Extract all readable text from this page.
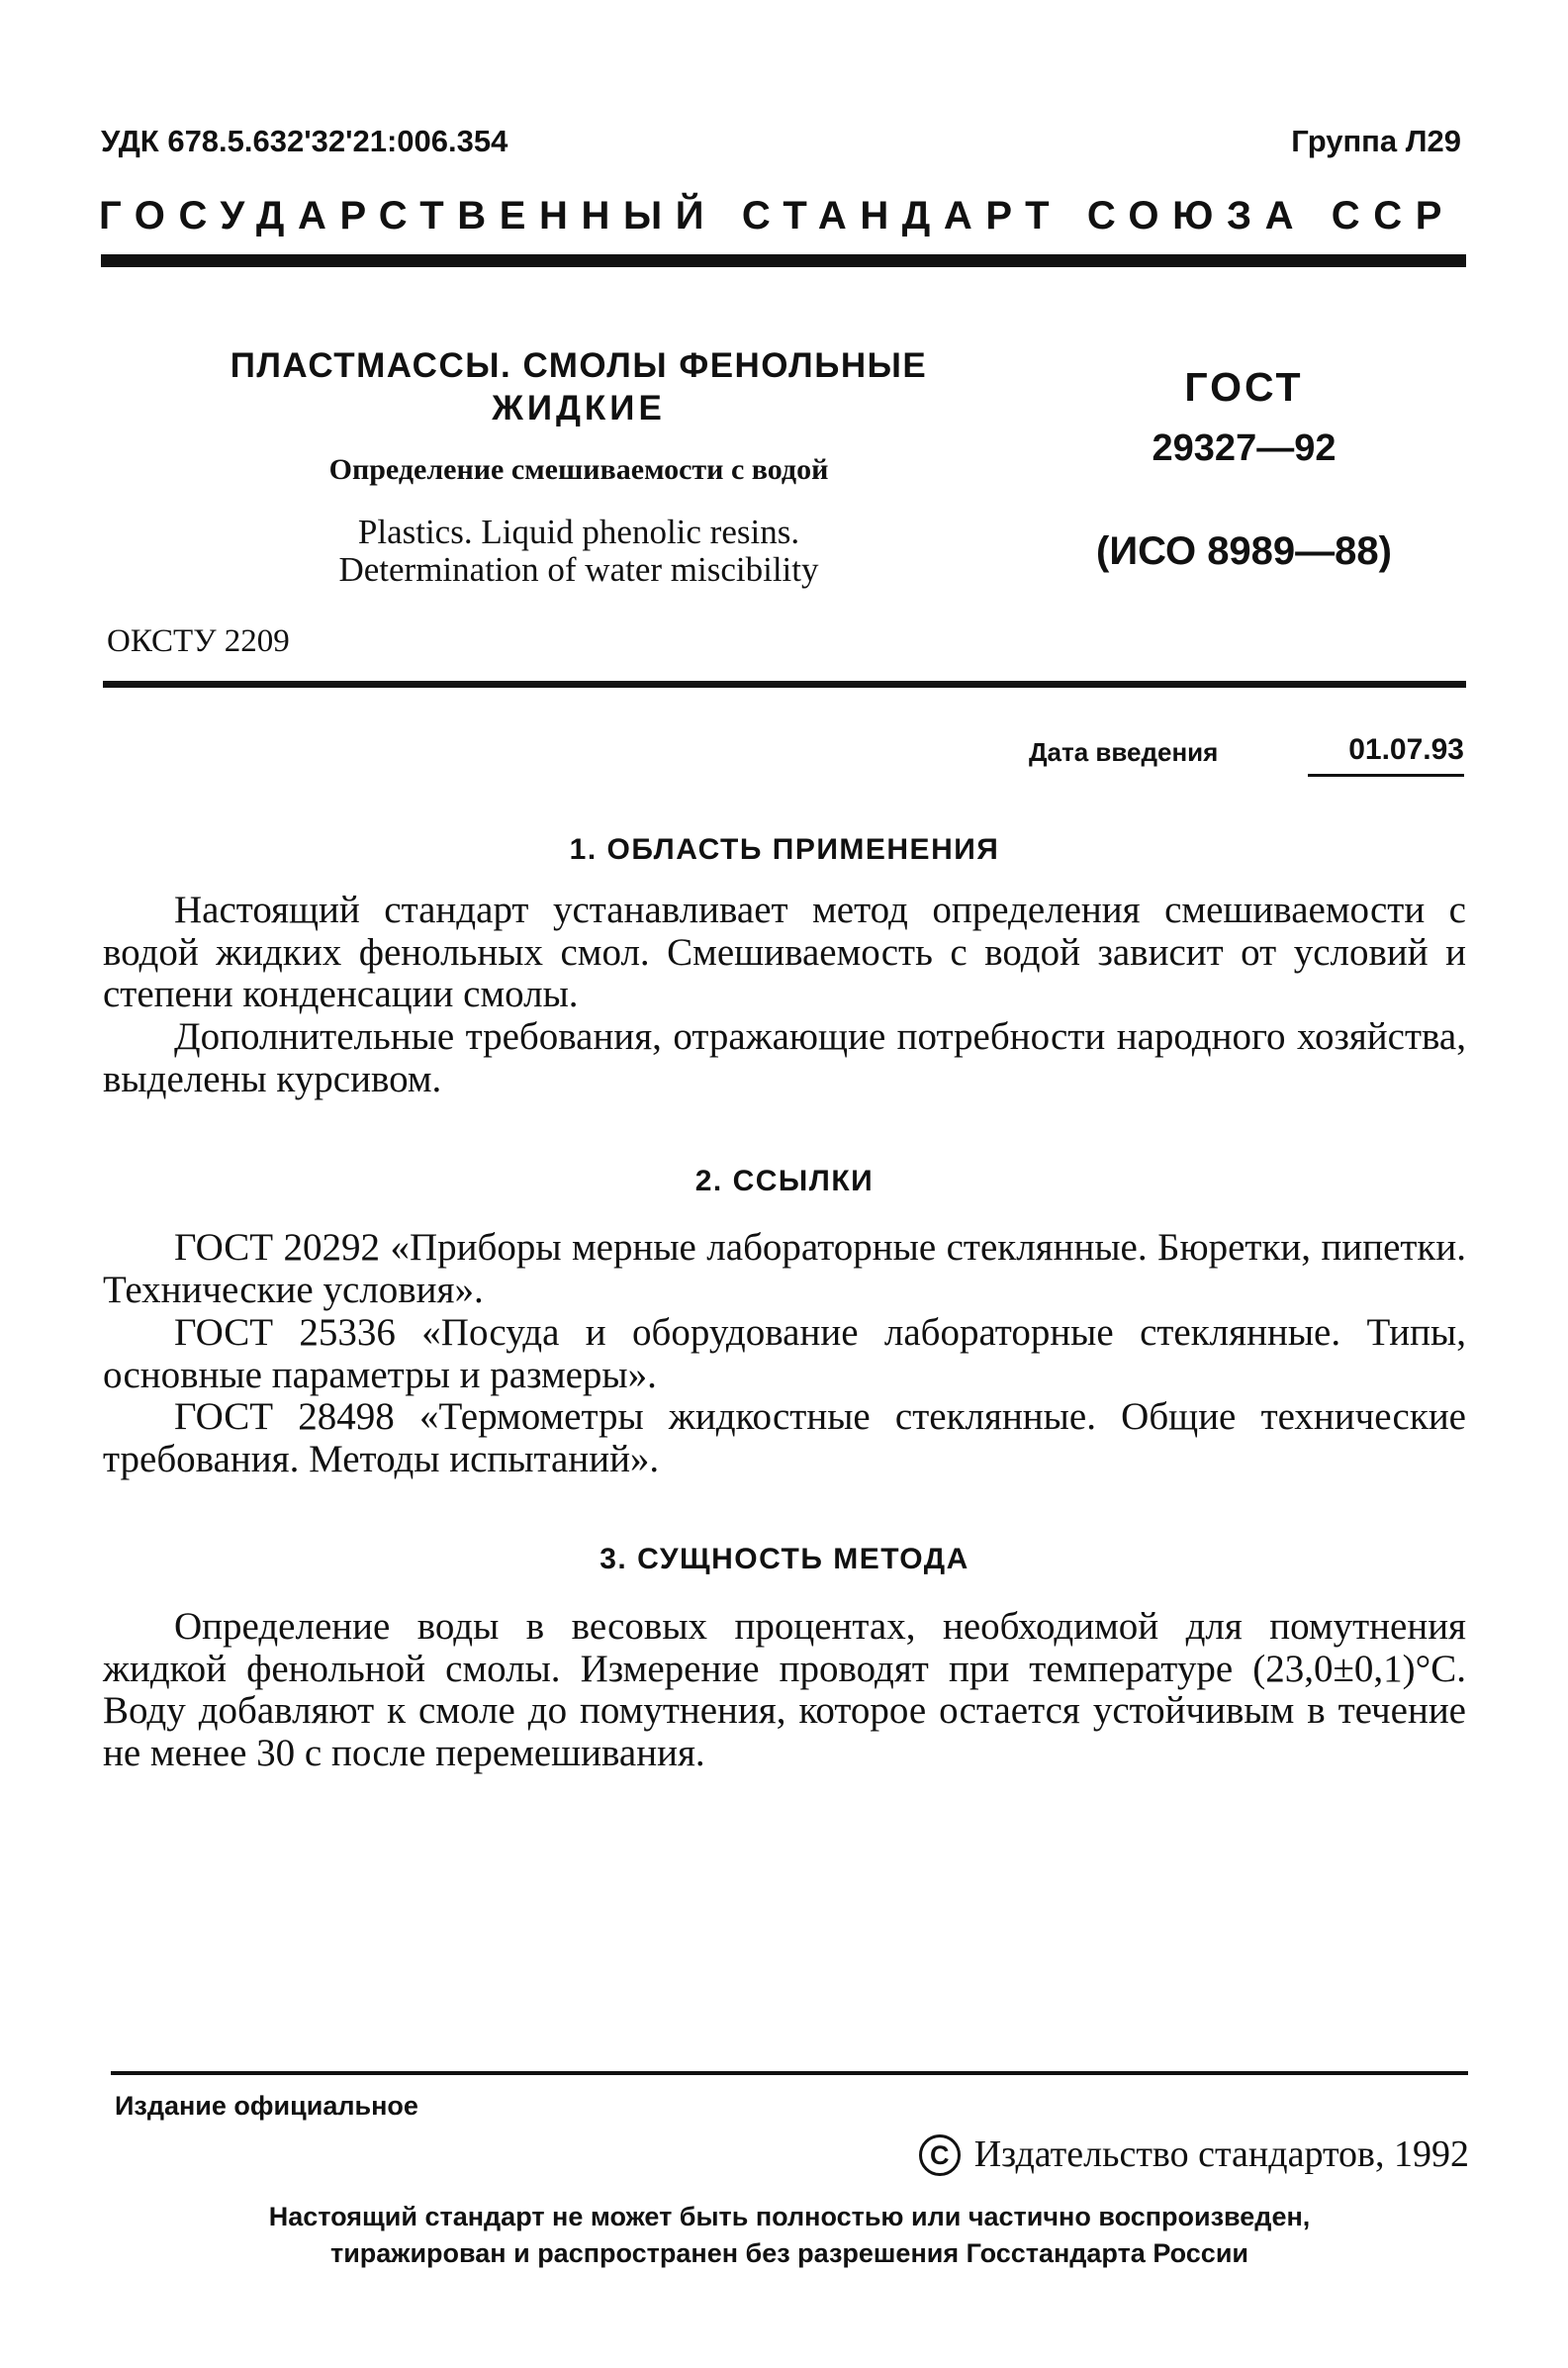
УДК 678.5.632'32'21:006.354	Группа Л29
ГОСУДАРСТВЕННЫЙ СТАНДАРТ СОЮЗА ССР
ПЛАСТМАССЫ. СМОЛЫ ФЕНОЛЬНЫЕ
ЖИДКИЕ
Определение смешиваемости с водой
Plastics. Liquid phenolic resins.
Determination of water miscibility
ГОСТ
29327—92
(ИСО 8989—88)
ОКСТУ 2209
Дата введения	01.07.93
1. ОБЛАСТЬ ПРИМЕНЕНИЯ
Настоящий стандарт устанавливает метод определения смешиваемости с водой жидких фенольных смол. Смешиваемость с водой зависит от условий и степени конденсации смолы.
Дополнительные требования, отражающие потребности народного хозяйства, выделены курсивом.
2. ССЫЛКИ
ГОСТ 20292 «Приборы мерные лабораторные стеклянные. Бюретки, пипетки. Технические условия».
ГОСТ 25336 «Посуда и оборудование лабораторные стеклянные. Типы, основные параметры и размеры».
ГОСТ 28498 «Термометры жидкостные стеклянные. Общие технические требования. Методы испытаний».
3. СУЩНОСТЬ МЕТОДА
Определение воды в весовых процентах, необходимой для помутнения жидкой фенольной смолы. Измерение проводят при температуре (23,0±0,1)°С. Воду добавляют к смоле до помутнения, которое остается устойчивым в течение не менее 30 с после перемешивания.
Издание официальное
С Издательство стандартов, 1992
Настоящий стандарт не может быть полностью или частично воспроизведен,
тиражирован и распространен без разрешения Госстандарта России
